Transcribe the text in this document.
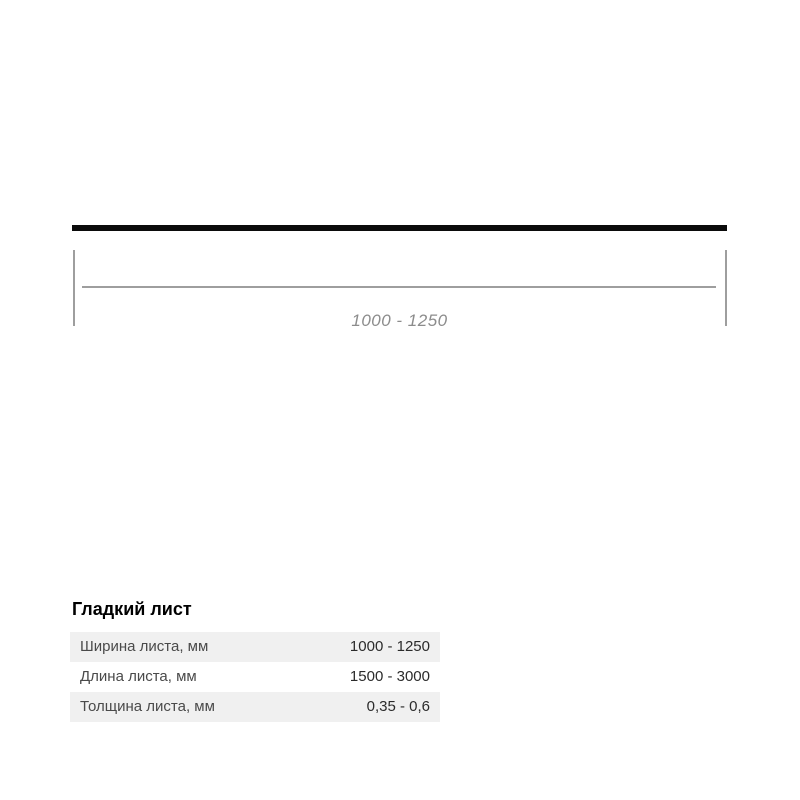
1000 - 1250
Гладкий лист
Ширина листа, мм	1000 - 1250
Длина листа, мм	1500 - 3000
Толщина листа, мм	0,35 - 0,6
